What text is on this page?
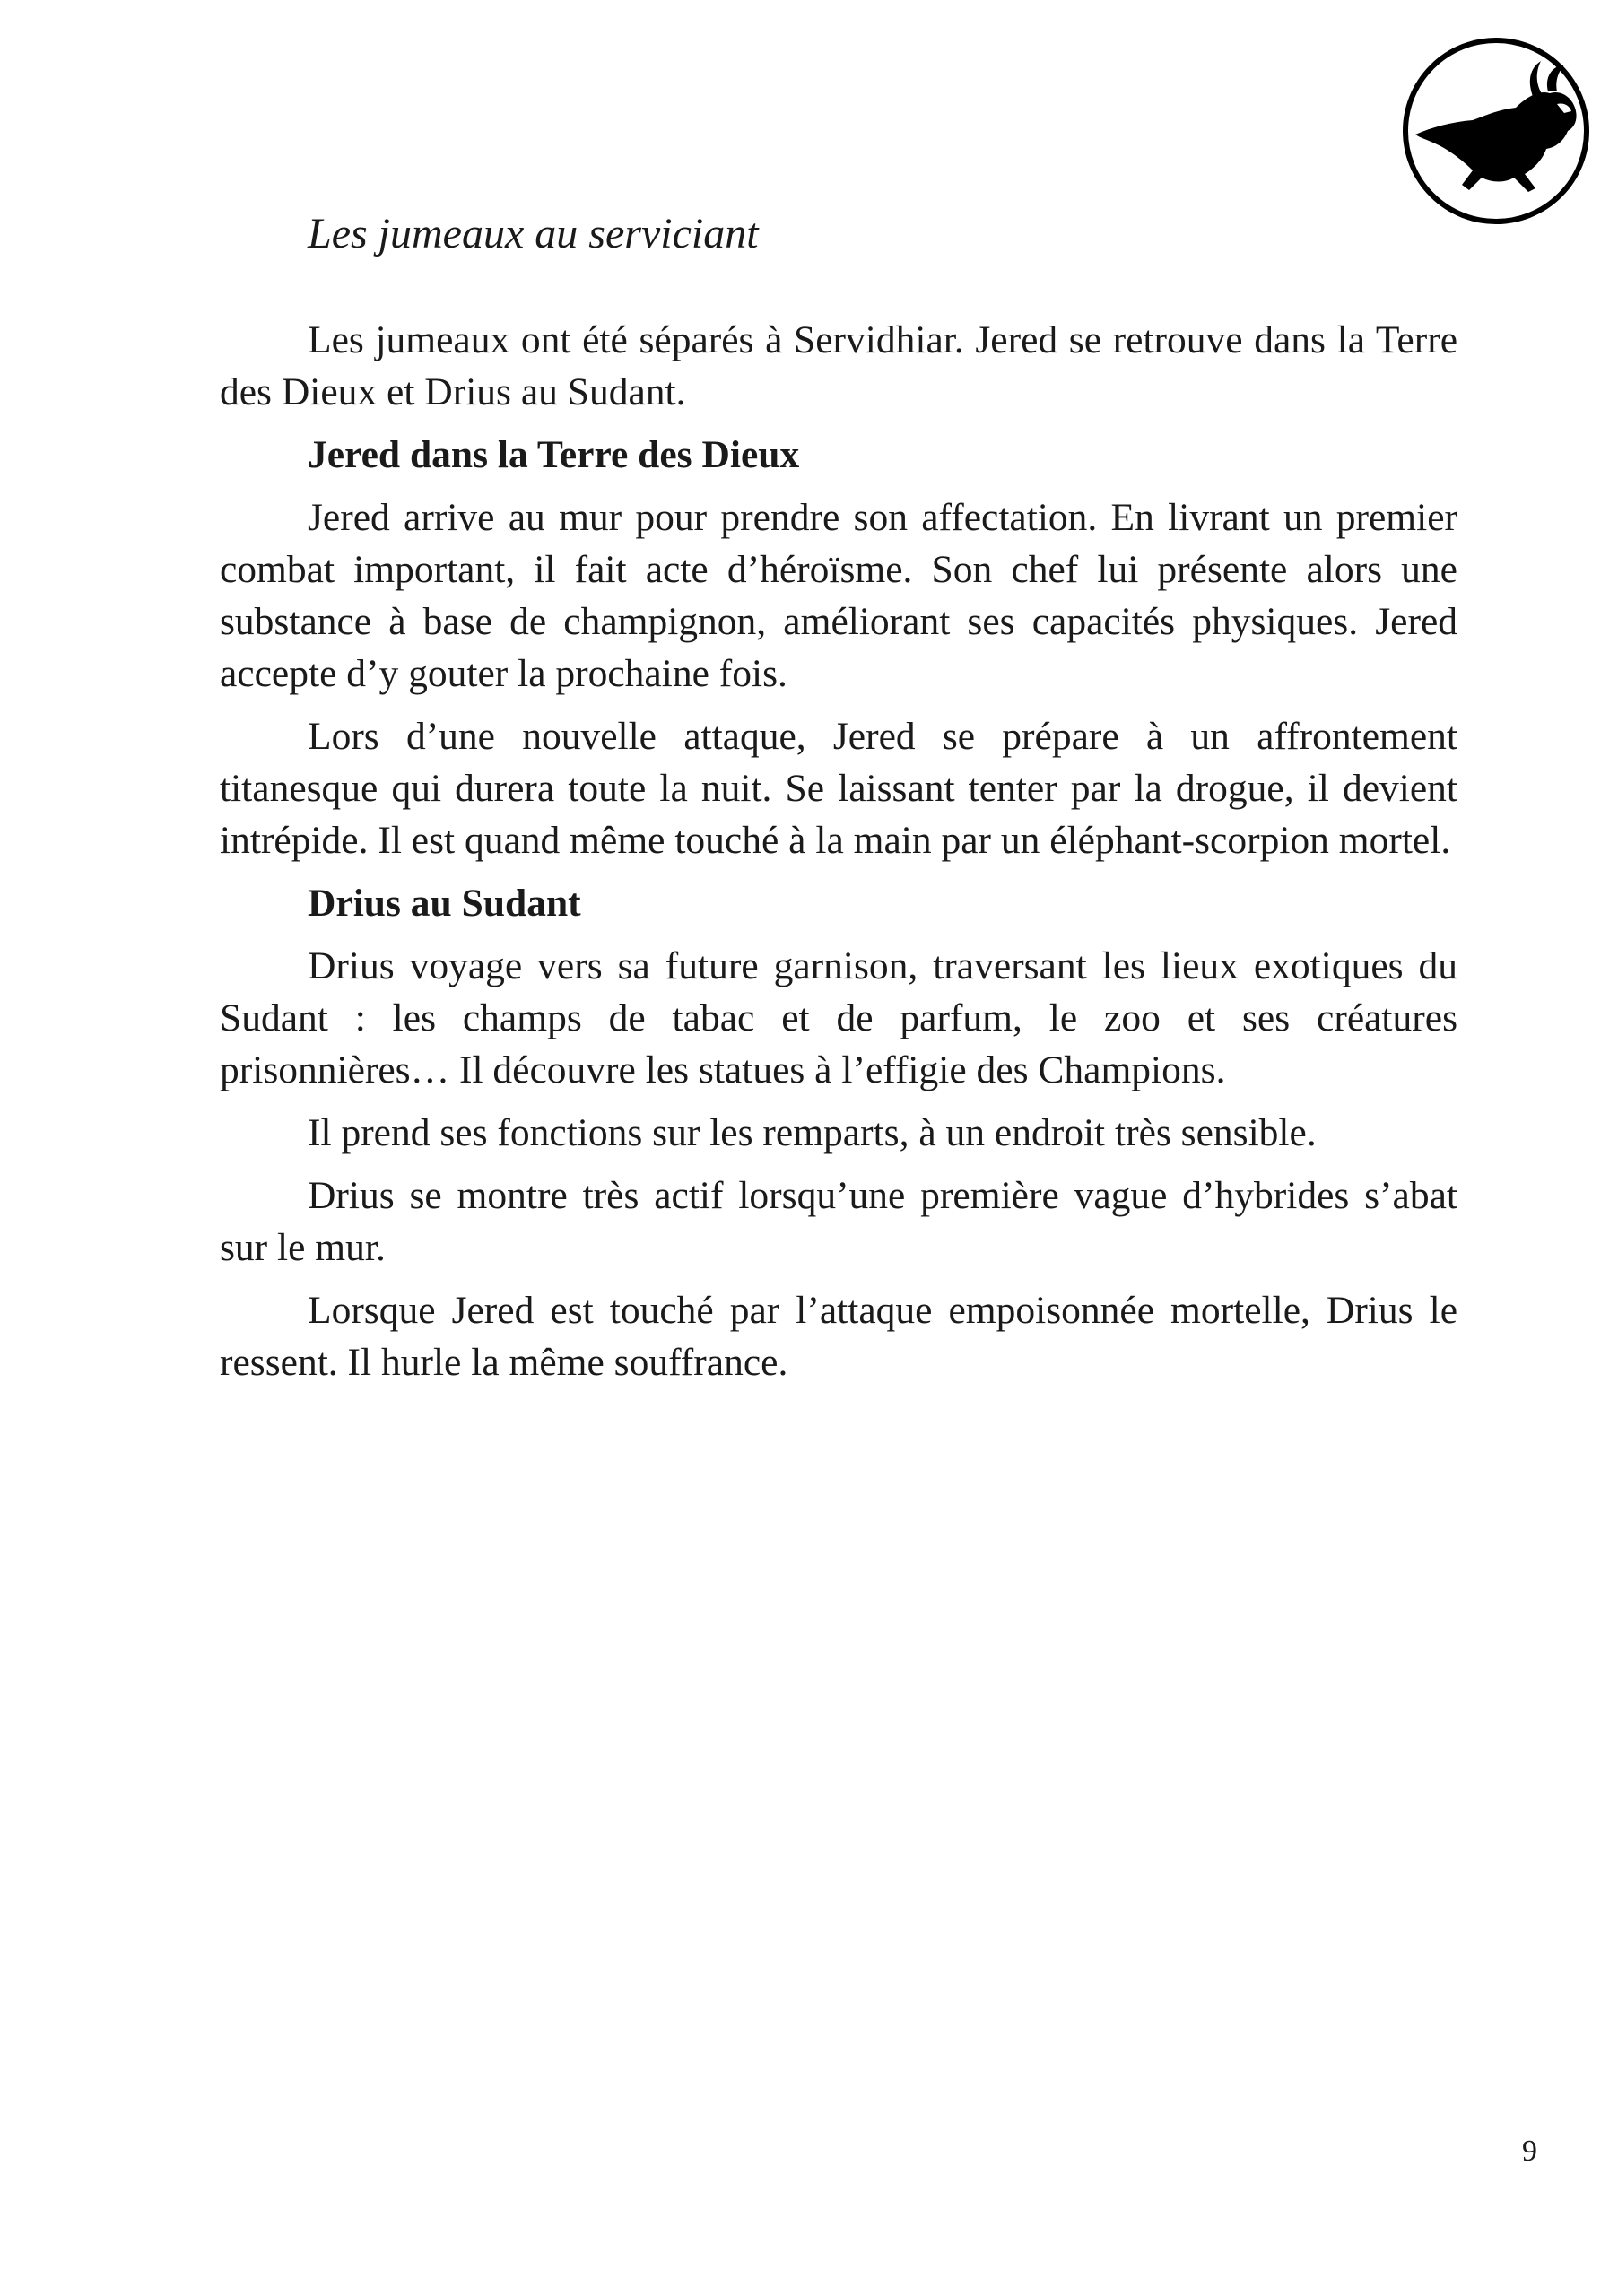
Les jumeaux au serviciant

Les jumeaux ont été séparés à Servidhiar. Jered se retrouve dans la Terre des Dieux et Drius au Sudant.

Jered dans la Terre des Dieux

Jered arrive au mur pour prendre son affectation. En livrant un premier combat important, il fait acte d’héroïsme. Son chef lui présente alors une substance à base de champignon, améliorant ses capacités physiques. Jered accepte d’y gouter la prochaine fois.

Lors d’une nouvelle attaque, Jered se prépare à un affrontement titanesque qui durera toute la nuit. Se laissant tenter par la drogue, il devient intrépide. Il est quand même touché à la main par un éléphant-scorpion mortel.

Drius au Sudant

Drius voyage vers sa future garnison, traversant les lieux exotiques du Sudant : les champs de tabac et de parfum, le zoo et ses créatures prisonnières… Il découvre les statues à l’effigie des Champions.

Il prend ses fonctions sur les remparts, à un endroit très sensible.

Drius se montre très actif lorsqu’une première vague d’hybrides s’abat sur le mur.

Lorsque Jered est touché par l’attaque empoisonnée mortelle, Drius le ressent. Il hurle la même souffrance.

9
